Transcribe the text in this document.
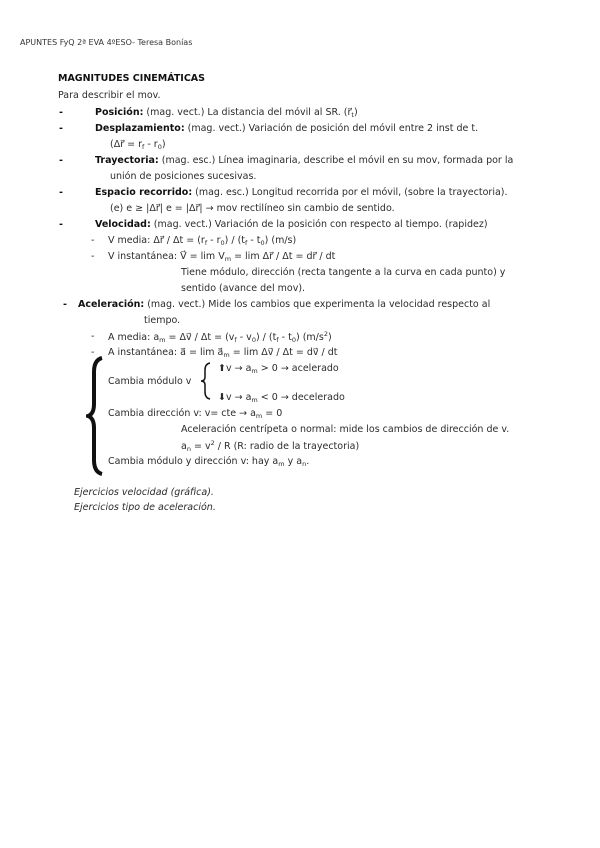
APUNTES FyQ 2ª EVA 4ºESO- Teresa Bonías
MAGNITUDES CINEMÁTICAS
Para describir el mov.
-	Posición: (mag. vect.) La distancia del móvil al SR. $(r⃗_t)$
-	Desplazamiento: (mag. vect.) Variación de posición del móvil entre 2 inst de t.
(Δr⃗ = $r_f - r_0$)
-	Trayectoria: (mag. esc.) Línea imaginaria, describe el móvil en su mov, formada por la
unión de posiciones sucesivas.
-	Espacio recorrido: (mag. esc.) Longitud recorrida por el móvil, (sobre la trayectoria).
(e) e ≥ |Δr⃗| e = |Δr⃗| → mov rectilíneo sin cambio de sentido.
-	Velocidad: (mag. vect.) Variación de la posición con respecto al tiempo. (rapidez)
- V media: Δr⃗ / $\Delta t = (r_f - r_0) / (t_f - t_0)$ (m/s)
- V instantánea: V⃗ = $\lim V_m = \lim$ Δr⃗ / Δt = dr⃗ / dt
Tiene módulo, dirección (recta tangente a la curva en cada punto) y
sentido (avance del mov).
- Aceleración: (mag. vect.) Mide los cambios que experimenta la velocidad respecto al
tiempo.
- A media: $a_m$ = Δv⃗ / $\Delta t = (v_f - v_0) / (t_f - t_0)$ $(m/s^2)$
- A instantánea: a⃗ = $\lim a⃗_m = \lim$ Δv⃗ / Δt = dv⃗ / dt
Cambia módulo v
⬆v → $a_m > 0$ → acelerado
⬇v → $a_m < 0$ → decelerado
Cambia dirección v: v= cte → $a_m = 0$
Aceleración centrípeta o normal: mide los cambios de dirección de v.
$a_n = v^2 / R$ (R: radio de la trayectoria)
Cambia módulo y dirección v: hay $a_m$ y $a_n$.
Ejercicios velocidad (gráfica).
Ejercicios tipo de aceleración.
